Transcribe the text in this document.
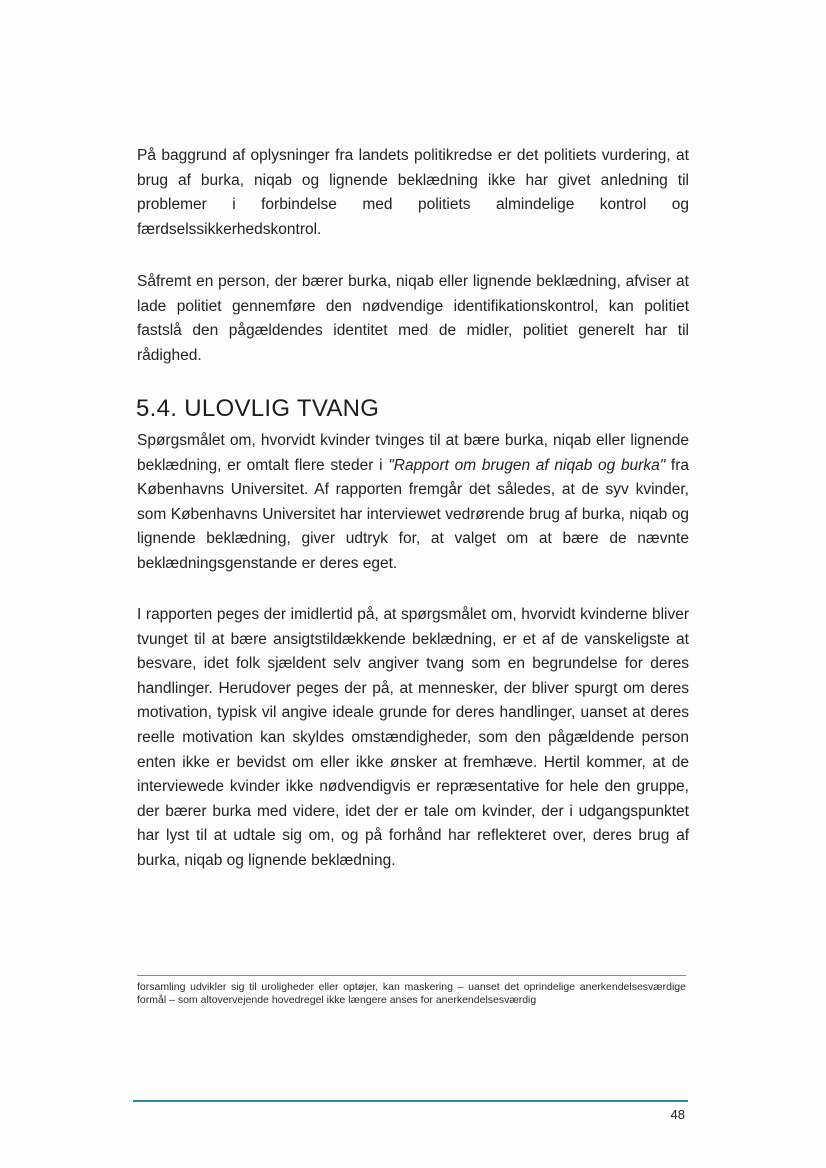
På baggrund af oplysninger fra landets politikredse er det politiets vurdering, at brug af burka, niqab og lignende beklædning ikke har givet anledning til problemer i forbindelse med politiets almindelige kontrol og færdselssikkerhedskontrol.

Såfremt en person, der bærer burka, niqab eller lignende beklædning, afviser at lade politiet gennemføre den nødvendige identifikationskontrol, kan politiet fastslå den pågældendes identitet med de midler, politiet generelt har til rådighed.

5.4. ULOVLIG TVANG

Spørgsmålet om, hvorvidt kvinder tvinges til at bære burka, niqab eller lignende beklædning, er omtalt flere steder i "Rapport om brugen af niqab og burka" fra Københavns Universitet. Af rapporten fremgår det således, at de syv kvinder, som Københavns Universitet har interviewet vedrørende brug af burka, niqab og lignende beklædning, giver udtryk for, at valget om at bære de nævnte beklædningsgenstande er deres eget.

I rapporten peges der imidlertid på, at spørgsmålet om, hvorvidt kvinderne bliver tvunget til at bære ansigtstildækkende beklædning, er et af de vanskeligste at besvare, idet folk sjældent selv angiver tvang som en begrundelse for deres handlinger. Herudover peges der på, at mennesker, der bliver spurgt om deres motivation, typisk vil angive ideale grunde for deres handlinger, uanset at deres reelle motivation kan skyldes omstændigheder, som den pågældende person enten ikke er bevidst om eller ikke ønsker at fremhæve. Hertil kommer, at de interviewede kvinder ikke nødvendigvis er repræsentative for hele den gruppe, der bærer burka med videre, idet der er tale om kvinder, der i udgangspunktet har lyst til at udtale sig om, og på forhånd har reflekteret over, deres brug af burka, niqab og lignende beklædning.

forsamling udvikler sig til uroligheder eller optøjer, kan maskering – uanset det oprindelige anerkendelsesværdige formål – som altovervejende hovedregel ikke længere anses for anerkendelsesværdig

48
